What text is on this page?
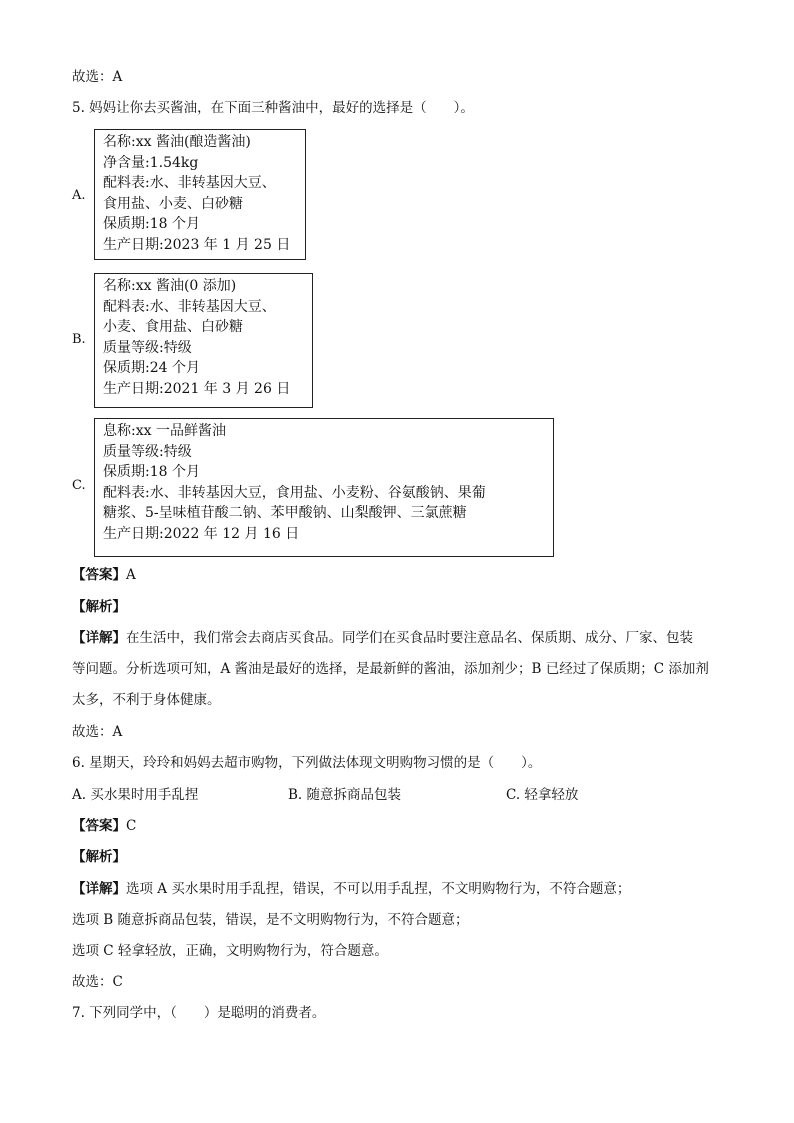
故选：A
5. 妈妈让你去买酱油，在下面三种酱油中，最好的选择是（　　）。
A.
名称:xx 酱油(酿造酱油)
净含量:1.54kg
配料表:水、非转基因大豆、
食用盐、小麦、白砂糖
保质期:18 个月
生产日期:2023 年 1 月 25 日
B.
名称:xx 酱油(0 添加)
配料表:水、非转基因大豆、
小麦、食用盐、白砂糖
质量等级:特级
保质期:24 个月
生产日期:2021 年 3 月 26 日
C.
息称:xx 一品鲜酱油
质量等级:特级
保质期:18 个月
配料表:水、非转基因大豆，食用盐、小麦粉、谷氨酸钠、果葡
糖浆、5-呈味植苷酸二钠、苯甲酸钠、山梨酸钾、三氯蔗糖
生产日期:2022 年 12 月 16 日
【答案】A
【解析】
【详解】在生活中，我们常会去商店买食品。同学们在买食品时要注意品名、保质期、成分、厂家、包装
等问题。分析选项可知，A 酱油是最好的选择，是最新鲜的酱油，添加剂少；B 已经过了保质期；C 添加剂
太多，不利于身体健康。
故选：A
6. 星期天，玲玲和妈妈去超市购物，下列做法体现文明购物习惯的是（　　）。
A. 买水果时用手乱捏	B. 随意拆商品包装	C. 轻拿轻放
【答案】C
【解析】
【详解】选项 A 买水果时用手乱捏，错误，不可以用手乱捏，不文明购物行为，不符合题意；
选项 B 随意拆商品包装，错误，是不文明购物行为，不符合题意；
选项 C 轻拿轻放，正确，文明购物行为，符合题意。
故选：C
7. 下列同学中，（　　）是聪明的消费者。
